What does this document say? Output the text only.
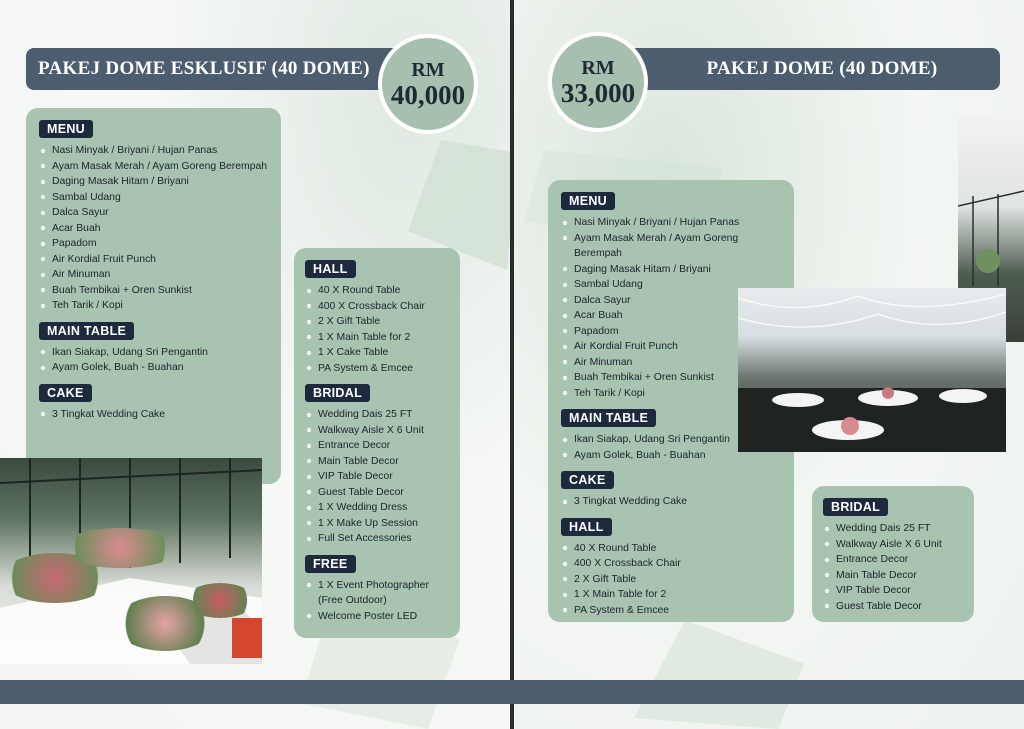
PAKEJ DOME ESKLUSIF (40 DOME)	RM
40,000
MENU
Nasi Minyak / Briyani / Hujan Panas
Ayam Masak Merah / Ayam Goreng Berempah
Daging Masak Hitam / Briyani
Sambal Udang
Dalca Sayur
Acar Buah
Papadom
Air Kordial Fruit Punch
Air Minuman
Buah Tembikai + Oren Sunkist
Teh Tarik / Kopi
MAIN TABLE
Ikan Siakap, Udang Sri Pengantin
Ayam Golek, Buah - Buahan
CAKE
3 Tingkat Wedding Cake
HALL
40 X Round Table
400 X Crossback Chair
2 X Gift Table
1 X Main Table for 2
1 X Cake Table
PA System & Emcee
BRIDAL
Wedding Dais 25 FT
Walkway Aisle X 6 Unit
Entrance Decor
Main Table Decor
VIP Table Decor
Guest Table Decor
1 X Wedding Dress
1 X Make Up Session
Full Set Accessories
FREE
1 X Event Photographer (Free Outdoor)
Welcome Poster LED
PAKEJ DOME (40 DOME)
RM
33,000
MENU
Nasi Minyak / Briyani / Hujan Panas
Ayam Masak Merah / Ayam Goreng Berempah
Daging Masak Hitam / Briyani
Sambal Udang
Dalca Sayur
Acar Buah
Papadom
Air Kordial Fruit Punch
Air Minuman
Buah Tembikai + Oren Sunkist
Teh Tarik / Kopi
MAIN TABLE
Ikan Siakap, Udang Sri Pengantin
Ayam Golek, Buah - Buahan
CAKE
3 Tingkat Wedding Cake
HALL
40 X Round Table
400 X Crossback Chair
2 X Gift Table
1 X Main Table for 2
PA System & Emcee
BRIDAL
Wedding Dais 25 FT
Walkway Aisle X 6 Unit
Entrance Decor
Main Table Decor
VIP Table Decor
Guest Table Decor
